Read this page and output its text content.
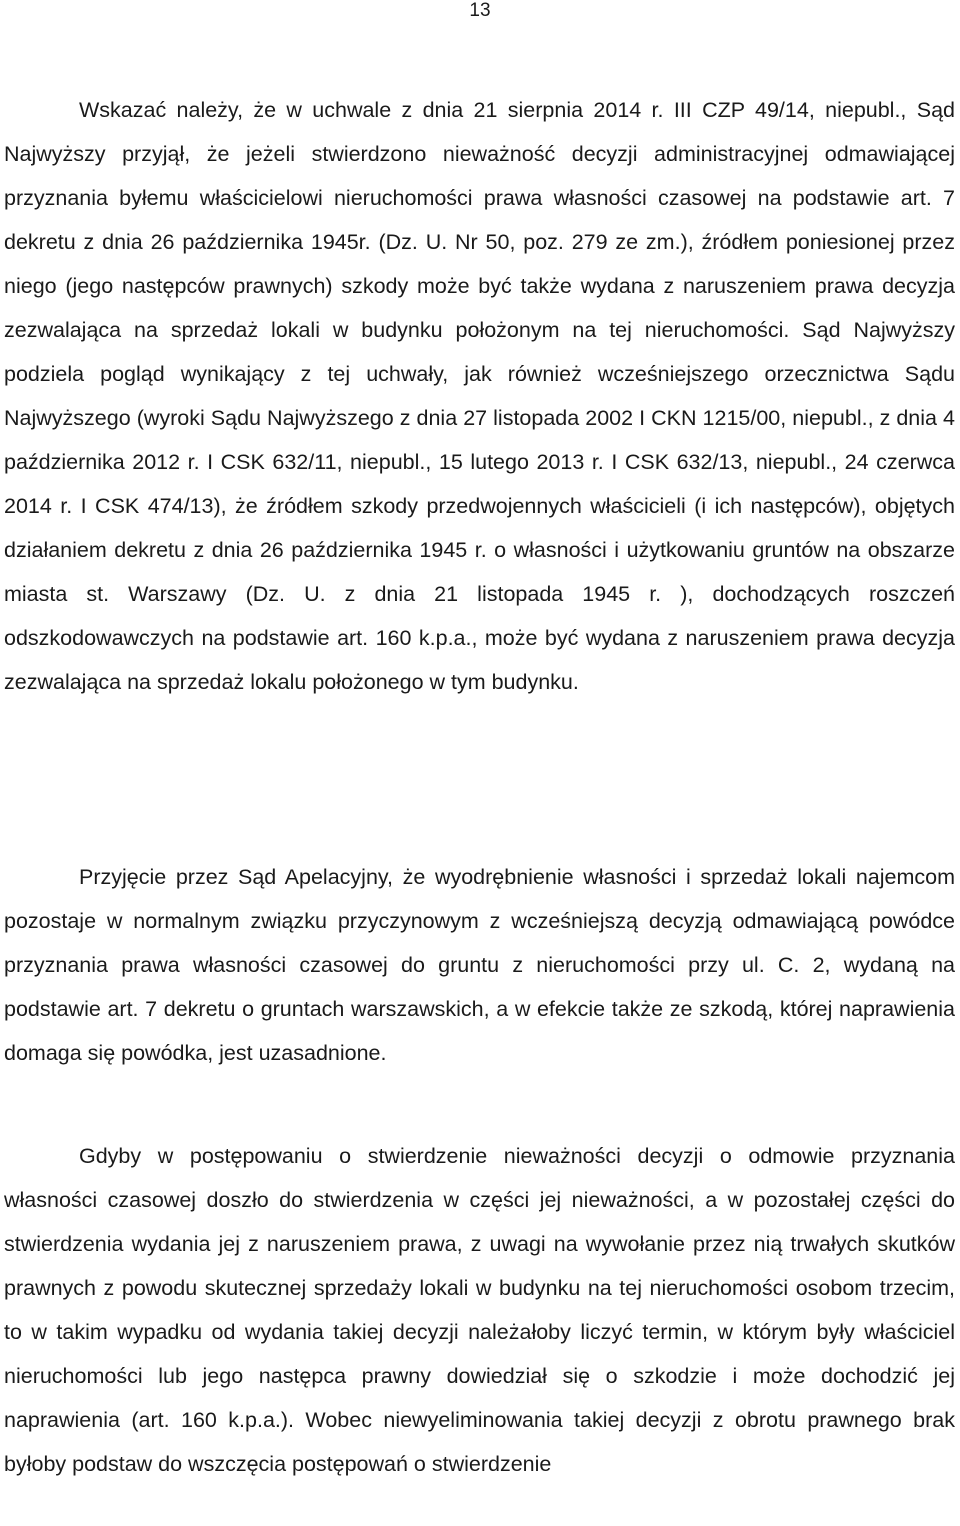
13

Wskazać należy, że w uchwale z dnia 21 sierpnia 2014 r. III CZP 49/14, niepubl., Sąd Najwyższy przyjął, że jeżeli stwierdzono nieważność decyzji administracyjnej odmawiającej przyznania byłemu właścicielowi nieruchomości prawa własności czasowej na podstawie art. 7 dekretu z dnia 26 października 1945r. (Dz. U. Nr 50, poz. 279 ze zm.), źródłem poniesionej przez niego (jego następców prawnych) szkody może być także wydana z naruszeniem prawa decyzja zezwalająca na sprzedaż lokali w budynku położonym na tej nieruchomości. Sąd Najwyższy podziela pogląd wynikający z tej uchwały, jak również wcześniejszego orzecznictwa Sądu Najwyższego (wyroki Sądu Najwyższego z dnia 27 listopada 2002 I CKN 1215/00, niepubl., z dnia 4 października 2012 r. I CSK 632/11, niepubl., 15 lutego 2013 r. I CSK 632/13, niepubl., 24 czerwca 2014 r. I CSK 474/13), że źródłem szkody przedwojennych właścicieli (i ich następców), objętych działaniem dekretu z dnia 26 października 1945 r. o własności i użytkowaniu gruntów na obszarze miasta st. Warszawy (Dz. U. z dnia 21 listopada 1945 r. ), dochodzących roszczeń odszkodowawczych na podstawie art. 160 k.p.a., może być wydana z naruszeniem prawa decyzja zezwalająca na sprzedaż lokalu położonego w tym budynku.

Przyjęcie przez Sąd Apelacyjny, że wyodrębnienie własności i sprzedaż lokali najemcom pozostaje w normalnym związku przyczynowym z wcześniejszą decyzją odmawiającą powódce przyznania prawa własności czasowej do gruntu z nieruchomości przy ul. C. 2, wydaną na podstawie art. 7 dekretu o gruntach warszawskich, a w efekcie także ze szkodą, której naprawienia domaga się powódka, jest uzasadnione.

Gdyby w postępowaniu o stwierdzenie nieważności decyzji o odmowie przyznania własności czasowej doszło do stwierdzenia w części jej nieważności, a w pozostałej części do stwierdzenia wydania jej z naruszeniem prawa, z uwagi na wywołanie przez nią trwałych skutków prawnych z powodu skutecznej sprzedaży lokali w budynku na tej nieruchomości osobom trzecim, to w takim wypadku od wydania takiej decyzji należałoby liczyć termin, w którym były właściciel nieruchomości lub jego następca prawny dowiedział się o szkodzie i może dochodzić jej naprawienia (art. 160 k.p.a.). Wobec niewyeliminowania takiej decyzji z obrotu prawnego brak byłoby podstaw do wszczęcia postępowań o stwierdzenie
